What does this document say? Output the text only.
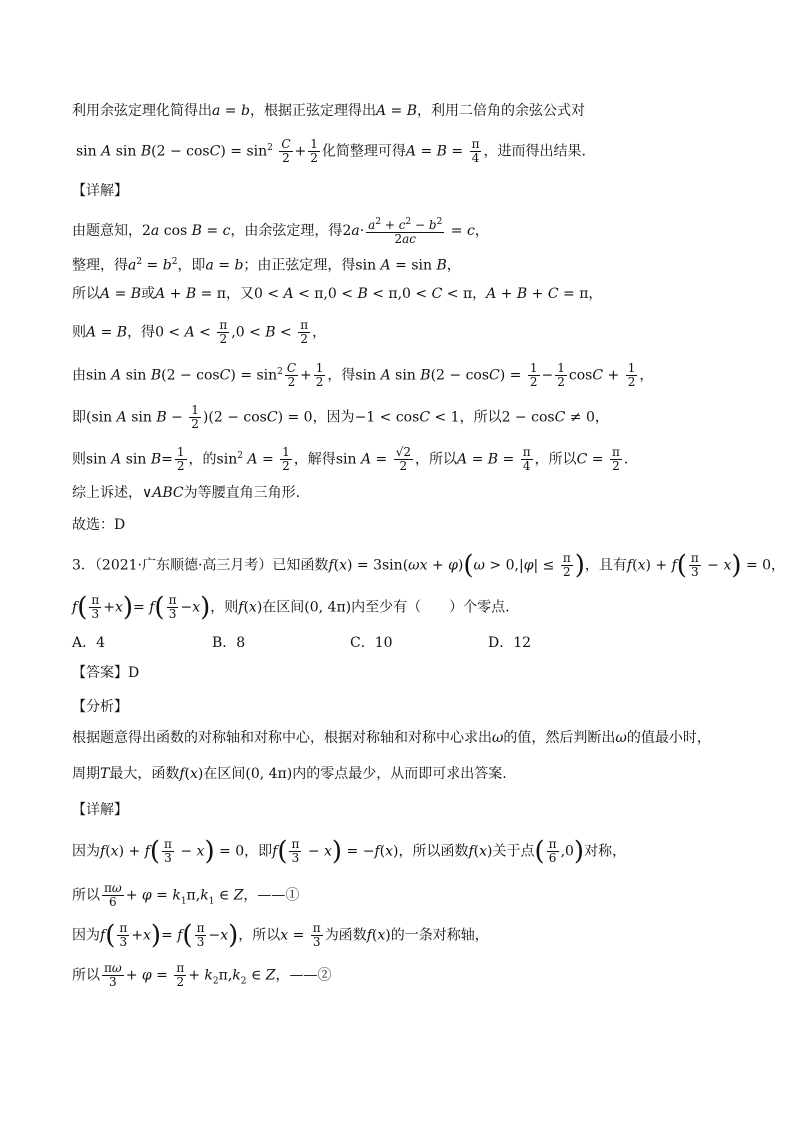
利用余弦定理化简得出a = b，根据正弦定理得出A = B，利用二倍角的余弦公式对
sin A $\sin B(2 - \cos C) = \sin^2 \frac{C}{2} + \frac{1}{2}$ 化简整理可得$A = B = \frac{\pi}{4}$ ，进而得出结果.
【详解】
由题意知，2a cos B = c，由余弦定理，得$2a\cdot \frac{a^2 + c^2 - b^2}{2ac} = c$，
整理，得$a^2 = b^2$，即a = b；由正弦定理，得sin A = sin B，
所以A = B或A + B = π，又0 < A < π,0 < B < π,0 < C < π，A + B + C = π，
则A = B，得$0 < A < \frac{\pi}{2} ,0 < B < \frac{\pi}{2}$ ，
由sin A $\sin B(2 - \cos C) = \sin^2 \frac{C}{2} + \frac{1}{2}$ ，得sin A $\sin B(2 - \cos C) = \frac{1}{2} - \frac{1}{2}$ $\cos C + \frac{1}{2}$ ，
即(sin A $\sin B - \frac{1}{2} )(2 - \cos C) = 0$，因为−1 < cosC < 1，所以2 − cosC ≠ 0，
则sin A $\sin B= \frac{1}{2}$ ，的$\sin^2 A = \frac{1}{2}$ ，解得$\sin A = \frac{√2}{2}$ ，所以$A = B = \frac{\pi}{4}$ ，所以$C = \frac{\pi}{2}$ .
综上诉述，∨ABC为等腰直角三角形.
故选：D
3．（2021·广东顺德·高三月考）已知函数$f(x) = 3\sin(\omega x + \varphi)(\omega > 0,|\varphi| \le \frac{\pi}{2}$ )，且有$f(x) + f( \frac{\pi}{3} - x) = 0$，
$f( \frac{\pi}{3} +x)= f( \frac{\pi}{3} -x)$，则f(x)在区间(0, 4π)内至少有（　　）个零点.
A．4	B．8	C．10	D．12
【答案】D
【分析】
根据题意得出函数的对称轴和对称中心，根据对称轴和对称中心求出ω的值，然后判断出ω的值最小时，
周期T最大，函数f(x)在区间(0, 4π)内的零点最少，从而即可求出答案.
【详解】
因为$f(x) + f( \frac{\pi}{3} - x) = 0$，即$f( \frac{\pi}{3} - x) = -f(x)$，所以函数f(x)关于点( $\frac{\pi}{6} ,0$)对称，
所以 $\frac{\pi\omega}{6} + \varphi = k_1\pi,k_1$ ∈ Z，——①
因为$f( \frac{\pi}{3} +x)= f( \frac{\pi}{3} -x)$，所以$x = \frac{\pi}{3}$ 为函数f(x)的一条对称轴，
所以 $\frac{\pi\omega}{3} + \varphi = \frac{\pi}{2} + k_2\pi,k_2$ ∈ Z，——②
